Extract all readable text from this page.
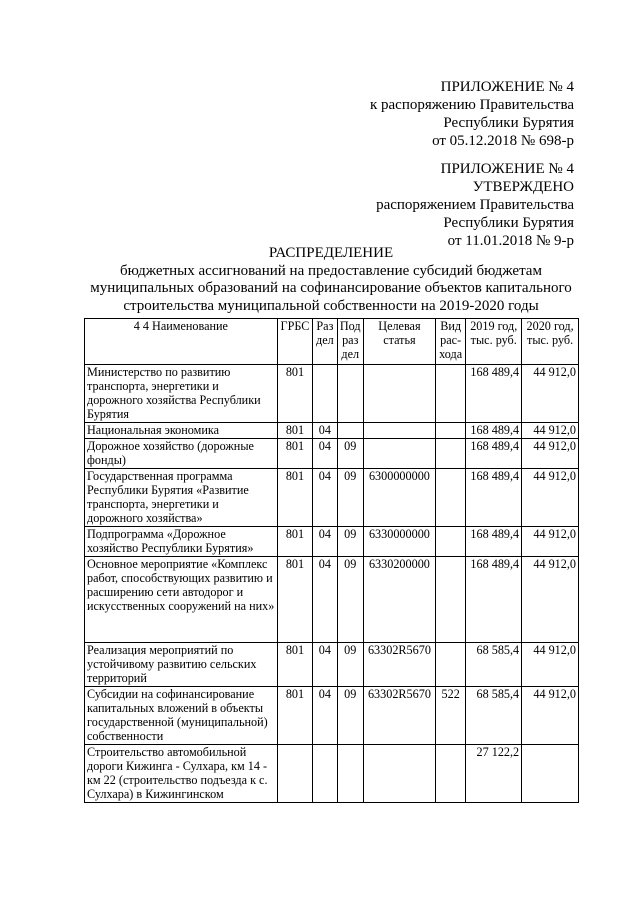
ПРИЛОЖЕНИЕ № 4
к распоряжению Правительства
Республики Бурятия
от 05.12.2018 № 698-р
ПРИЛОЖЕНИЕ № 4
УТВЕРЖДЕНО
распоряжением Правительства
Республики Бурятия
от 11.01.2018 № 9-р
РАСПРЕДЕЛЕНИЕ
бюджетных ассигнований на предоставление субсидий бюджетам
муниципальных образований на софинансирование объектов капитального
строительства муниципальной собственности на 2019-2020 годы
4 4 Наименование	ГРБС	Раз дел	Под раз дел	Целевая статья	Вид рас-хода	2019 год, тыс. руб.	2020 год, тыс. руб.
Министерство по развитию транспорта, энергетики и дорожного хозяйства Республики Бурятия	801					168 489,4	44 912,0
Национальная экономика	801	04				168 489,4	44 912,0
Дорожное хозяйство (дорожные фонды)	801	04	09			168 489,4	44 912,0
Государственная программа Республики Бурятия «Развитие транспорта, энергетики и дорожного хозяйства»	801	04	09	6300000000		168 489,4	44 912,0
Подпрограмма «Дорожное хозяйство Республики Бурятия»	801	04	09	6330000000		168 489,4	44 912,0
Основное мероприятие «Комплекс работ, способствующих развитию и расширению сети автодорог и искусственных сооружений на них»	801	04	09	6330200000		168 489,4	44 912,0
Реализация мероприятий по устойчивому развитию сельских территорий	801	04	09	63302R5670		68 585,4	44 912,0
Субсидии на софинансирование капитальных вложений в объекты государственной (муниципальной) собственности	801	04	09	63302R5670	522	68 585,4	44 912,0
Строительство автомобильной дороги Кижинга - Сулхара, км 14 - км 22 (строительство подъезда к с. Сулхара) в Кижингинском						27 122,2	
